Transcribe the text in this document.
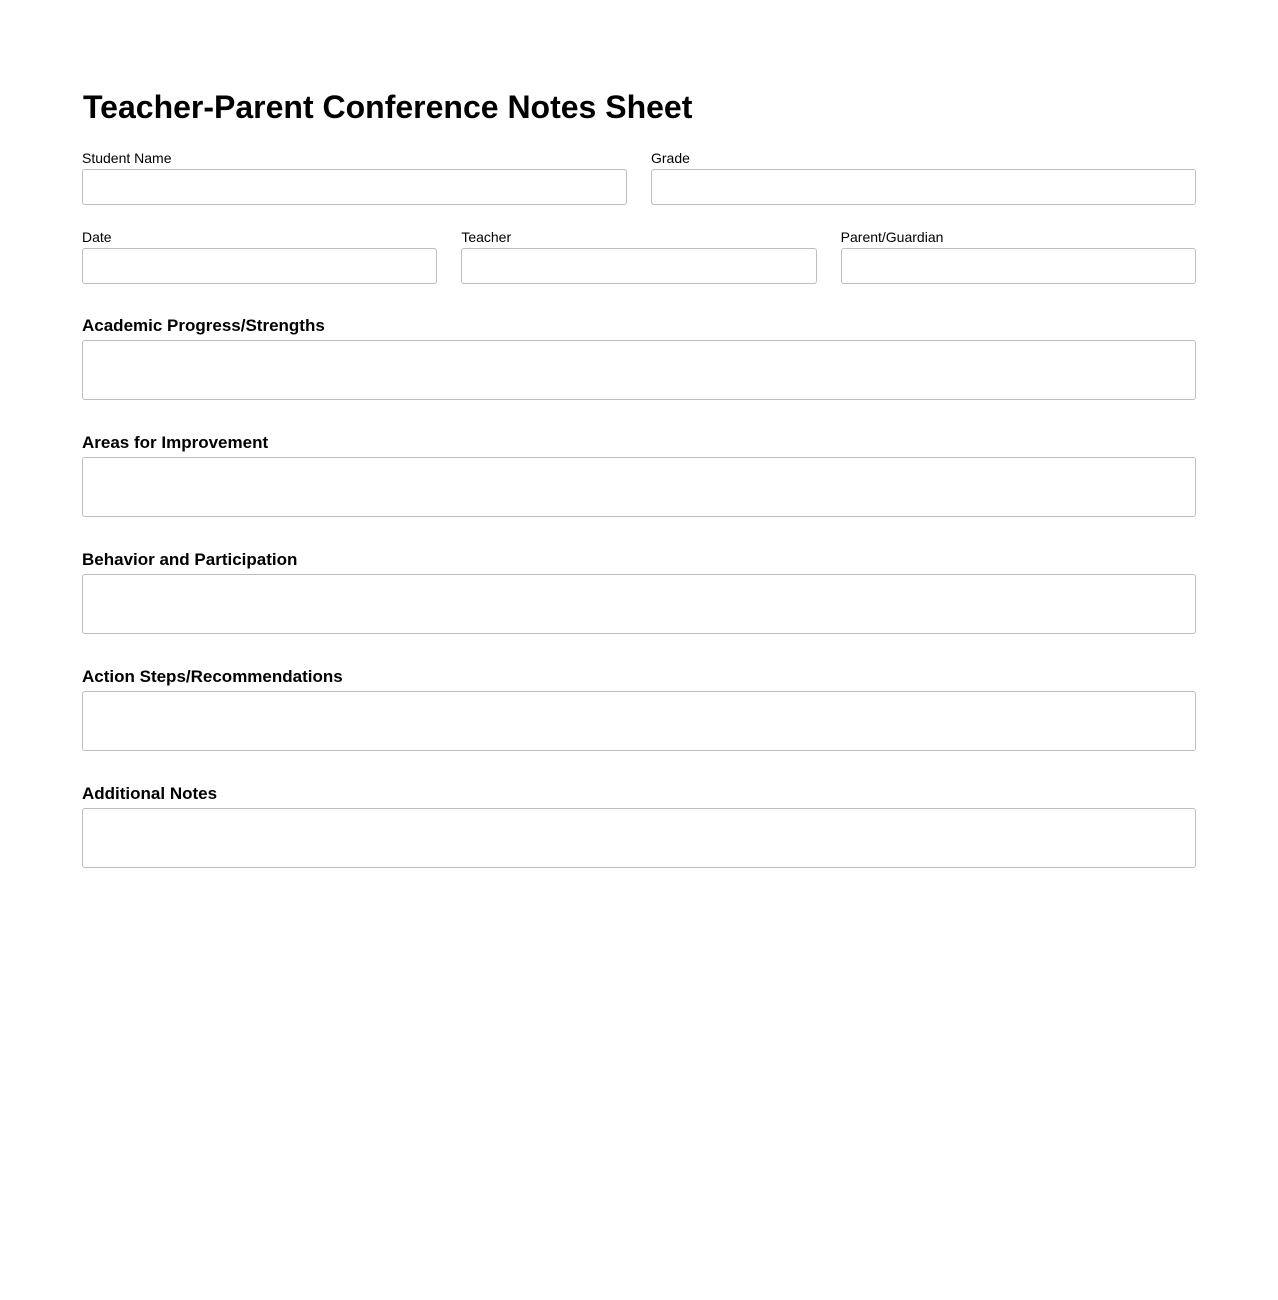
Teacher-Parent Conference Notes Sheet
Student Name	Grade
Date	Teacher	Parent/Guardian
Academic Progress/Strengths
Areas for Improvement
Behavior and Participation
Action Steps/Recommendations
Additional Notes
